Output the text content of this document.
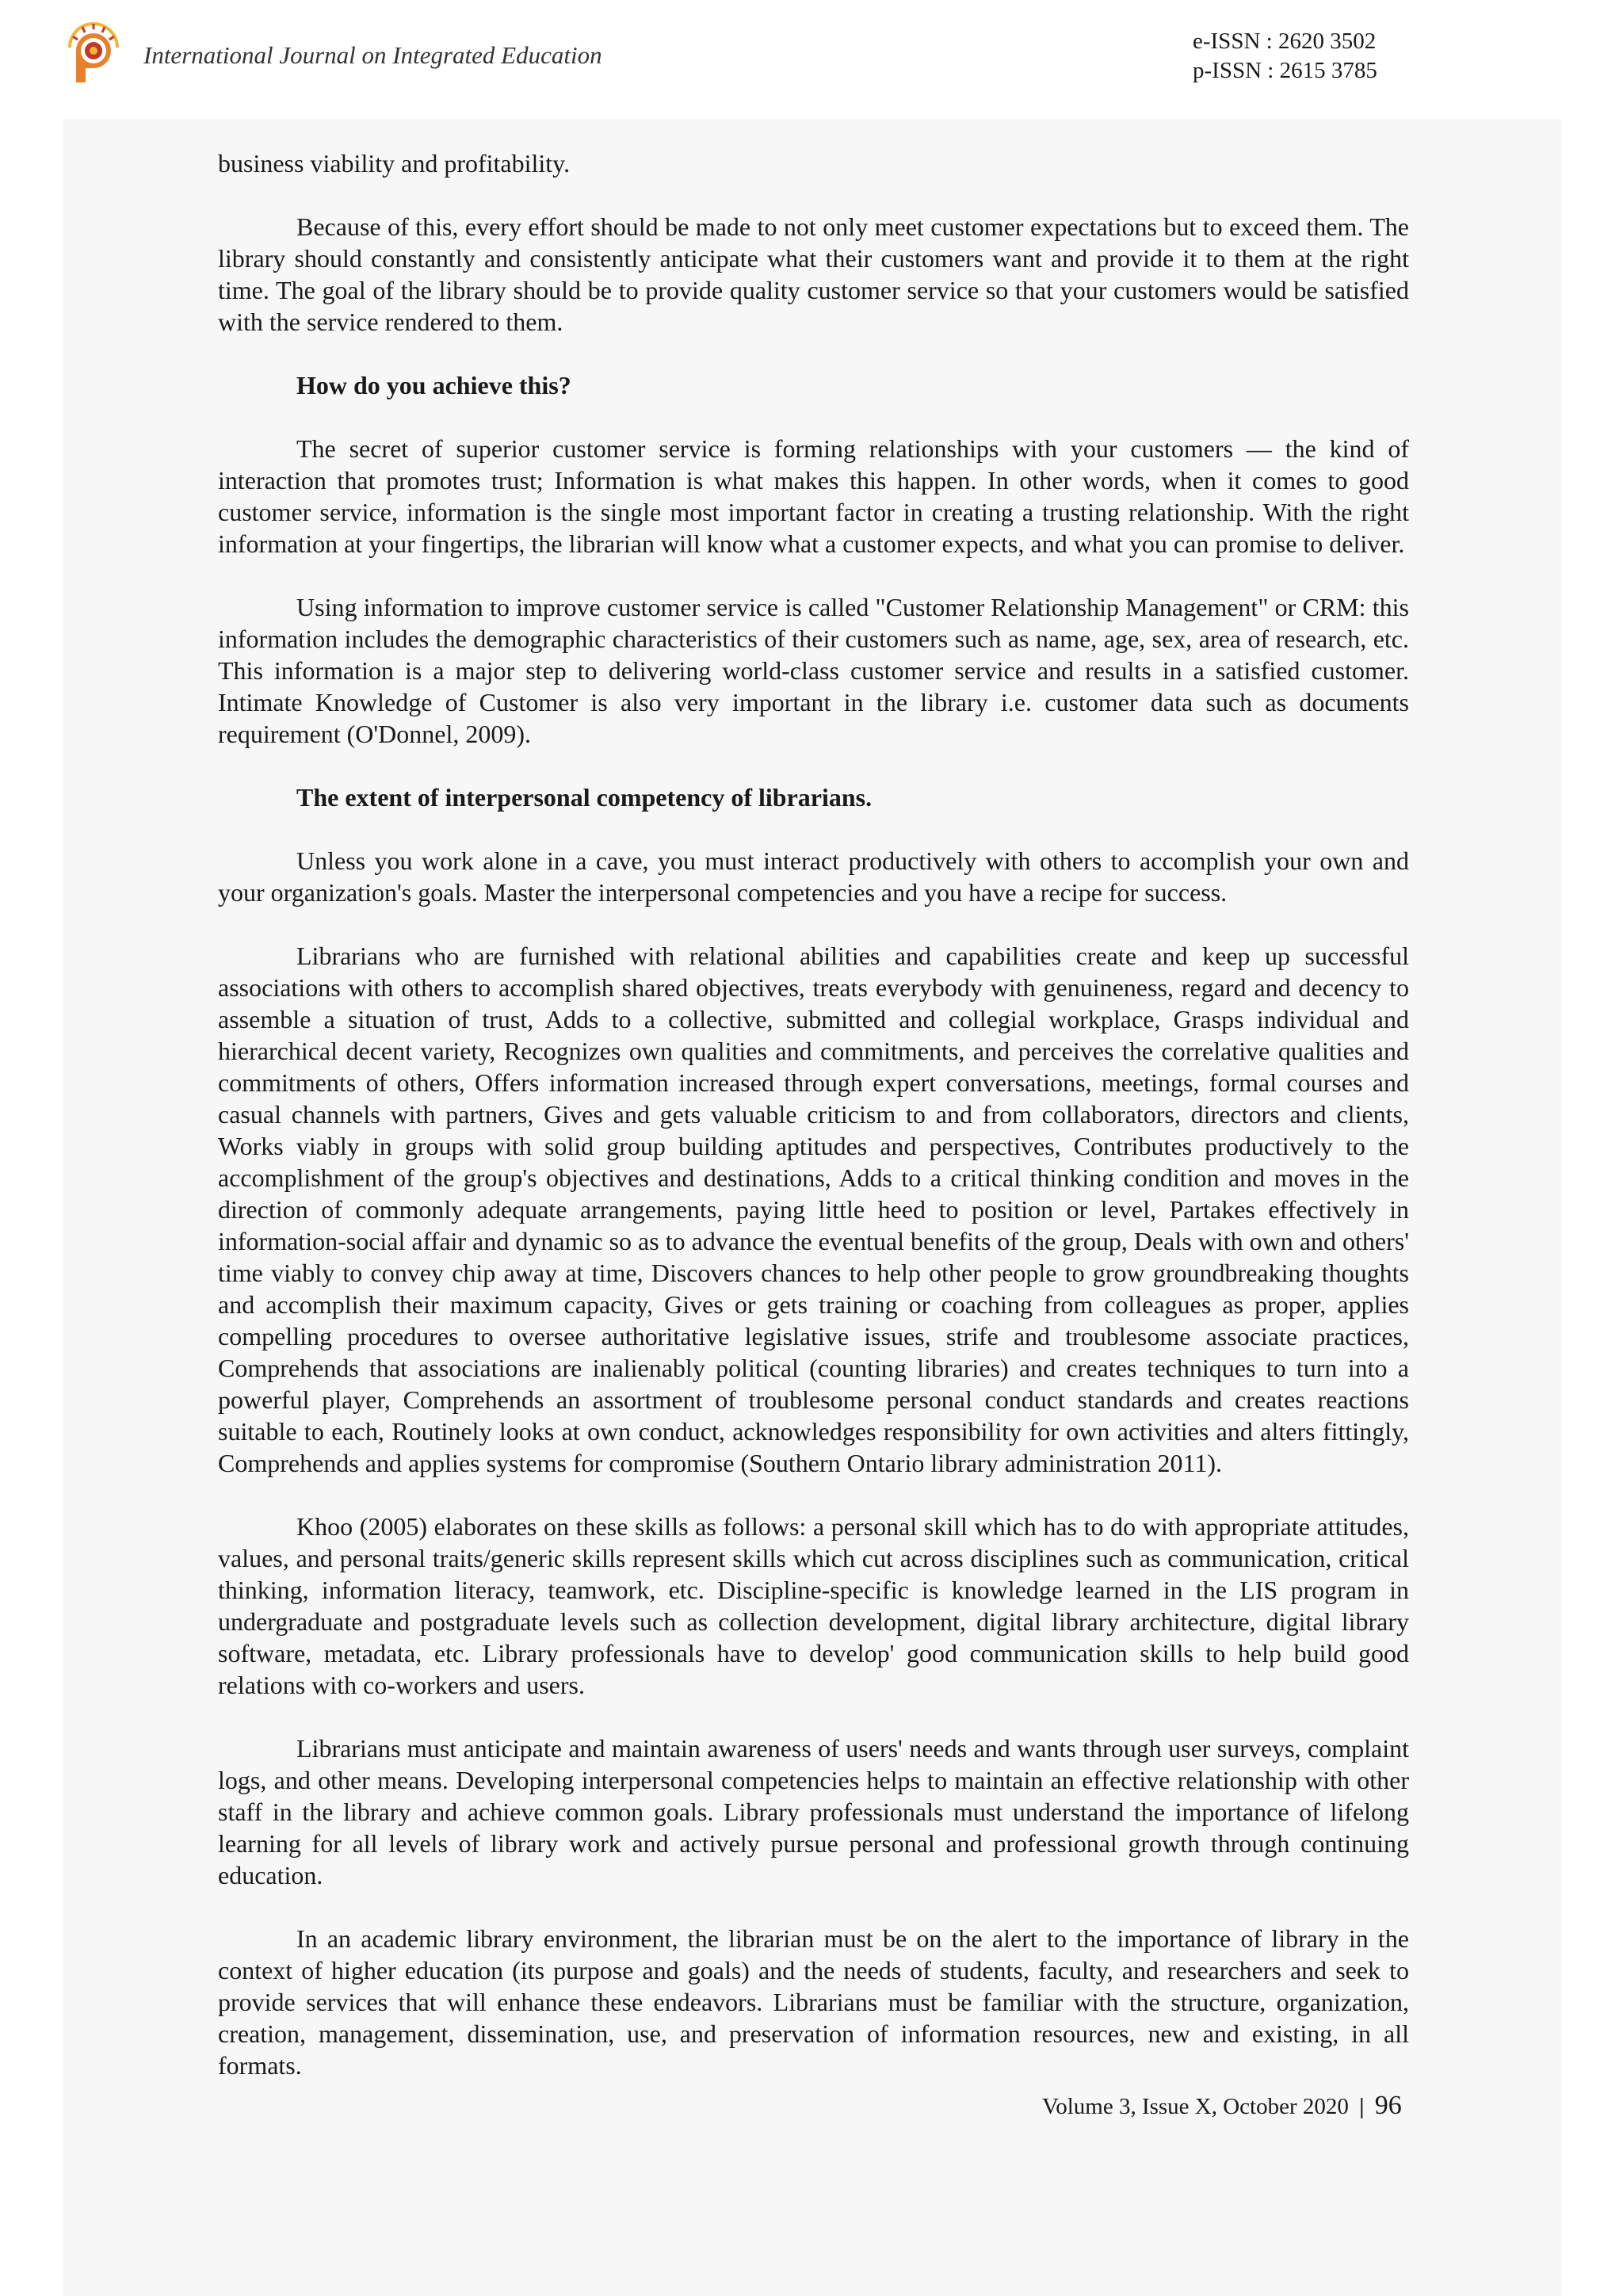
International Journal on Integrated Education	e-ISSN : 2620 3502
p-ISSN : 2615 3785

business viability and profitability.

Because of this, every effort should be made to not only meet customer expectations but to exceed them. The library should constantly and consistently anticipate what their customers want and provide it to them at the right time. The goal of the library should be to provide quality customer service so that your customers would be satisfied with the service rendered to them.

How do you achieve this?

The secret of superior customer service is forming relationships with your customers — the kind of interaction that promotes trust; Information is what makes this happen. In other words, when it comes to good customer service, information is the single most important factor in creating a trusting relationship. With the right information at your fingertips, the librarian will know what a customer expects, and what you can promise to deliver.

Using information to improve customer service is called "Customer Relationship Management" or CRM: this information includes the demographic characteristics of their customers such as name, age, sex, area of research, etc. This information is a major step to delivering world-class customer service and results in a satisfied customer. Intimate Knowledge of Customer is also very important in the library i.e. customer data such as documents requirement (O'Donnel, 2009).

The extent of interpersonal competency of librarians.

Unless you work alone in a cave, you must interact productively with others to accomplish your own and your organization's goals. Master the interpersonal competencies and you have a recipe for success.

Librarians who are furnished with relational abilities and capabilities create and keep up successful associations with others to accomplish shared objectives, treats everybody with genuineness, regard and decency to assemble a situation of trust, Adds to a collective, submitted and collegial workplace, Grasps individual and hierarchical decent variety, Recognizes own qualities and commitments, and perceives the correlative qualities and commitments of others, Offers information increased through expert conversations, meetings, formal courses and casual channels with partners, Gives and gets valuable criticism to and from collaborators, directors and clients, Works viably in groups with solid group building aptitudes and perspectives, Contributes productively to the accomplishment of the group's objectives and destinations, Adds to a critical thinking condition and moves in the direction of commonly adequate arrangements, paying little heed to position or level, Partakes effectively in information-social affair and dynamic so as to advance the eventual benefits of the group, Deals with own and others' time viably to convey chip away at time, Discovers chances to help other people to grow groundbreaking thoughts and accomplish their maximum capacity, Gives or gets training or coaching from colleagues as proper, applies compelling procedures to oversee authoritative legislative issues, strife and troublesome associate practices, Comprehends that associations are inalienably political (counting libraries) and creates techniques to turn into a powerful player, Comprehends an assortment of troublesome personal conduct standards and creates reactions suitable to each, Routinely looks at own conduct, acknowledges responsibility for own activities and alters fittingly, Comprehends and applies systems for compromise (Southern Ontario library administration 2011).

Khoo (2005) elaborates on these skills as follows: a personal skill which has to do with appropriate attitudes, values, and personal traits/generic skills represent skills which cut across disciplines such as communication, critical thinking, information literacy, teamwork, etc. Discipline-specific is knowledge learned in the LIS program in undergraduate and postgraduate levels such as collection development, digital library architecture, digital library software, metadata, etc. Library professionals have to develop' good communication skills to help build good relations with co-workers and users.

Librarians must anticipate and maintain awareness of users' needs and wants through user surveys, complaint logs, and other means. Developing interpersonal competencies helps to maintain an effective relationship with other staff in the library and achieve common goals. Library professionals must understand the importance of lifelong learning for all levels of library work and actively pursue personal and professional growth through continuing education.

In an academic library environment, the librarian must be on the alert to the importance of library in the context of higher education (its purpose and goals) and the needs of students, faculty, and researchers and seek to provide services that will enhance these endeavors. Librarians must be familiar with the structure, organization, creation, management, dissemination, use, and preservation of information resources, new and existing, in all formats.

Volume 3, Issue X, October 2020 | 96
